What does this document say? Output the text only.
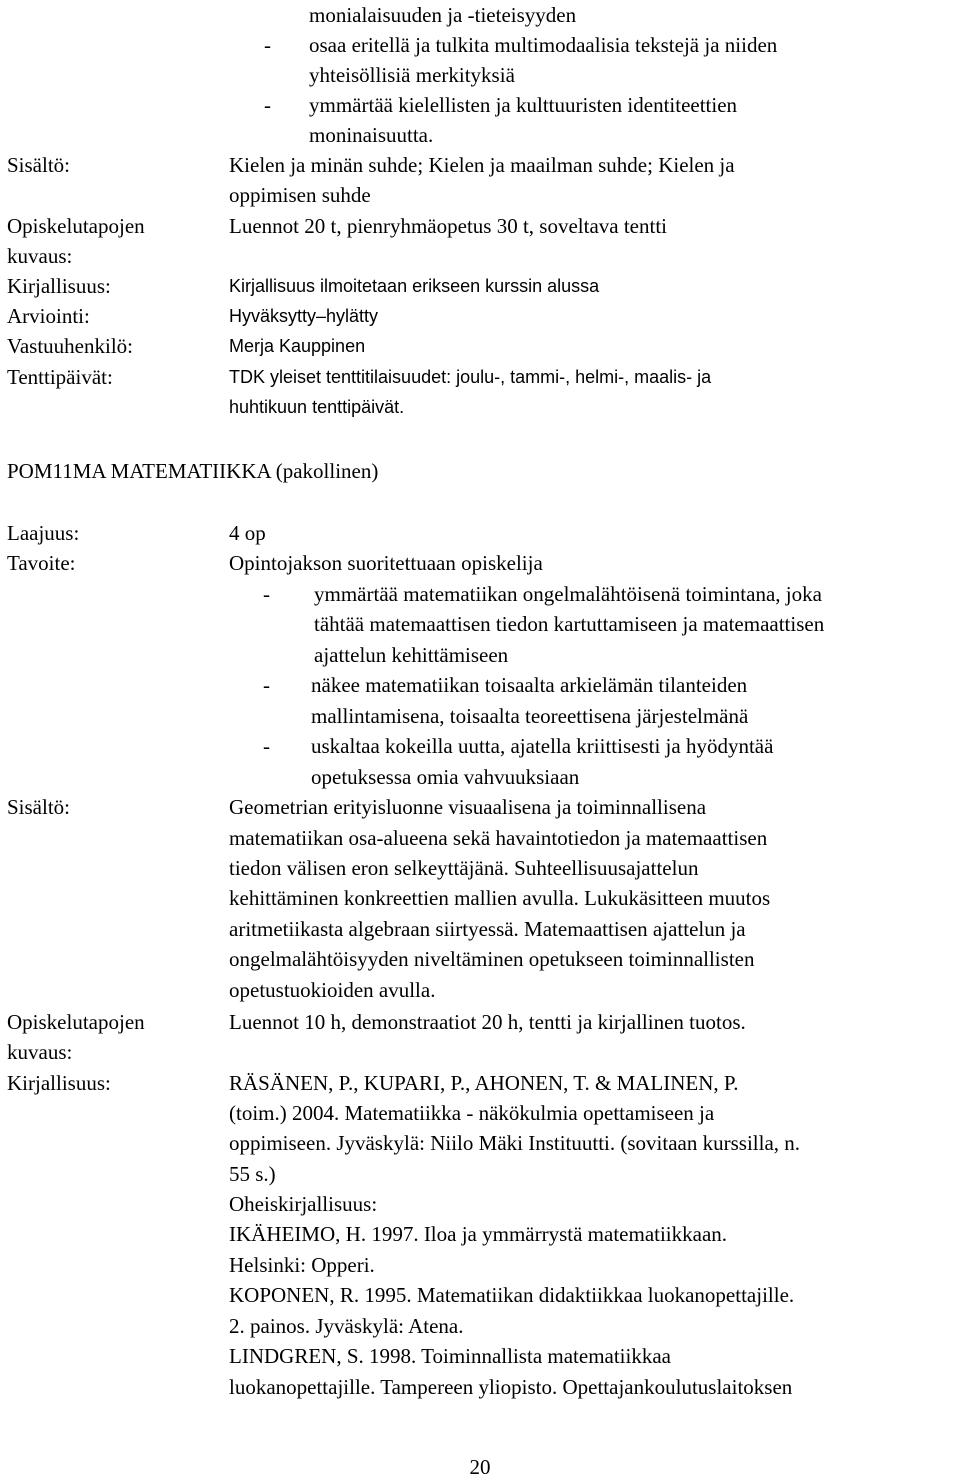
monialaisuuden ja -tieteisyyden
- osaa eritellä ja tulkita multimodaalisia tekstejä ja niiden
yhteisöllisiä merkityksiä
- ymmärtää kielellisten ja kulttuuristen identiteettien
moninaisuutta.
Sisältö:	Kielen ja minän suhde; Kielen ja maailman suhde; Kielen ja
oppimisen suhde
Opiskelutapojen
kuvaus:
Luennot 20 t, pienryhmäopetus 30 t, soveltava tentti
Kirjallisuus:	Kirjallisuus ilmoitetaan erikseen kurssin alussa
Arviointi:	Hyväksytty–hylätty
Vastuuhenkilö:	Merja Kauppinen
Tenttipäivät:	TDK yleiset tenttitilaisuudet: joulu-, tammi-, helmi-, maalis- ja
huhtikuun tenttipäivät.
POM11MA MATEMATIIKKA (pakollinen)
Laajuus:	4 op
Tavoite:	Opintojakson suoritettuaan opiskelija
- ymmärtää matematiikan ongelmalähtöisenä toimintana, joka
tähtää matemaattisen tiedon kartuttamiseen ja matemaattisen
ajattelun kehittämiseen
- näkee matematiikan toisaalta arkielämän tilanteiden
mallintamisena, toisaalta teoreettisena järjestelmänä
- uskaltaa kokeilla uutta, ajatella kriittisesti ja hyödyntää
opetuksessa omia vahvuuksiaan
Sisältö:	Geometrian erityisluonne visuaalisena ja toiminnallisena
matematiikan osa-alueena sekä havaintotiedon ja matemaattisen
tiedon välisen eron selkeyttäjänä. Suhteellisuusajattelun
kehittäminen konkreettien mallien avulla. Lukukäsitteen muutos
aritmetiikasta algebraan siirtyessä. Matemaattisen ajattelun ja
ongelmalähtöisyyden niveltäminen opetukseen toiminnallisten
opetustuokioiden avulla.
Opiskelutapojen
kuvaus:
Luennot 10 h, demonstraatiot 20 h, tentti ja kirjallinen tuotos.
Kirjallisuus:	RÄSÄNEN, P., KUPARI, P., AHONEN, T. & MALINEN, P.
(toim.) 2004. Matematiikka - näkökulmia opettamiseen ja
oppimiseen. Jyväskylä: Niilo Mäki Instituutti. (sovitaan kurssilla, n.
55 s.)
Oheiskirjallisuus:
IKÄHEIMO, H. 1997. Iloa ja ymmärrystä matematiikkaan.
Helsinki: Opperi.
KOPONEN, R. 1995. Matematiikan didaktiikkaa luokanopettajille.
2. painos. Jyväskylä: Atena.
LINDGREN, S. 1998. Toiminnallista matematiikkaa
luokanopettajille. Tampereen yliopisto. Opettajankoulutuslaitoksen
20
